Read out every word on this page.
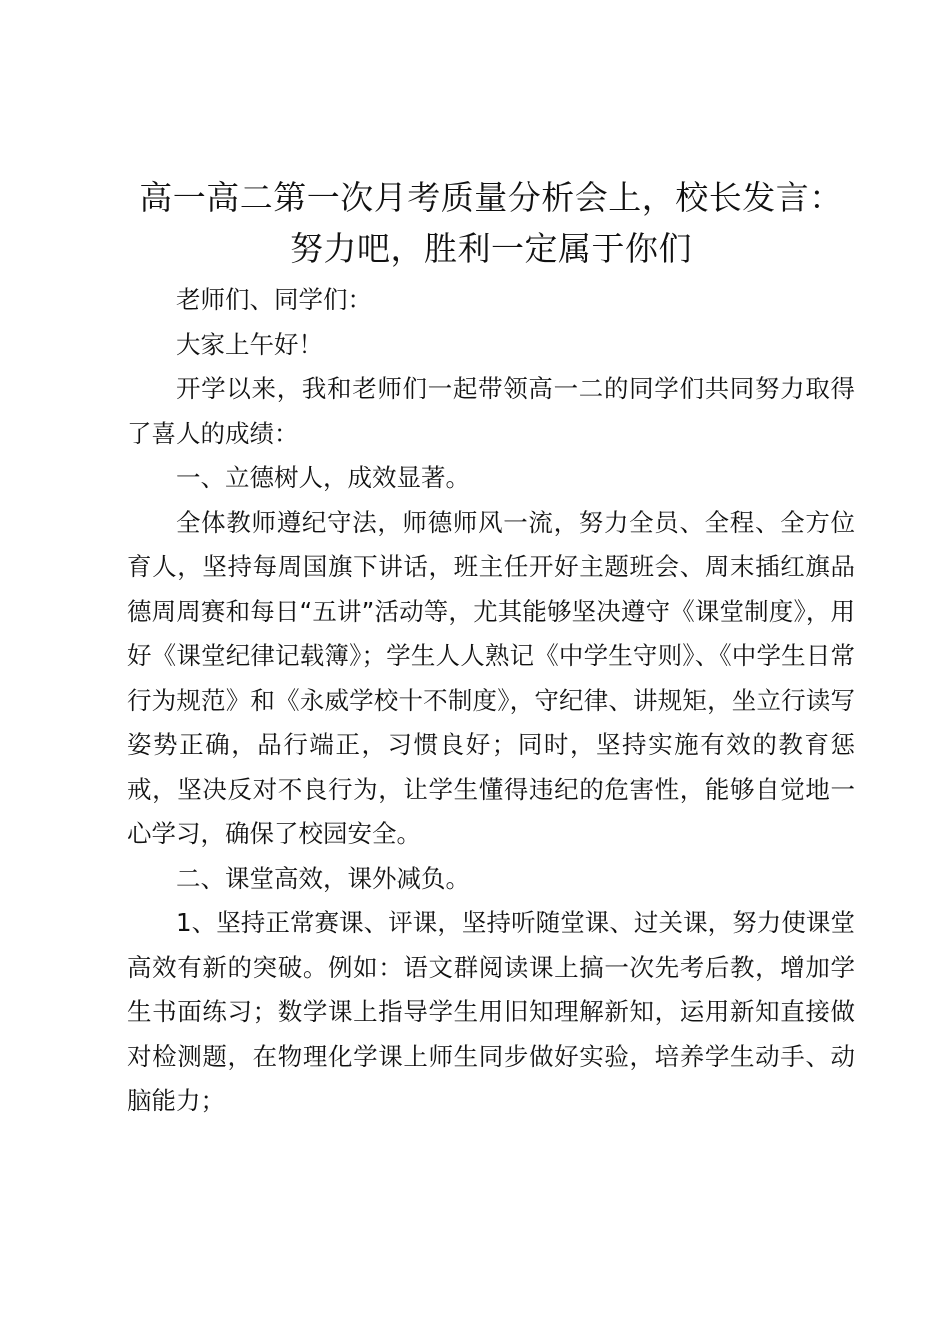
高一高二第一次月考质量分析会上，校长发言：
努力吧，胜利一定属于你们

老师们、同学们：

大家上午好！

开学以来，我和老师们一起带领高一二的同学们共同努力取得了喜人的成绩：

一、立德树人，成效显著。

全体教师遵纪守法，师德师风一流，努力全员、全程、全方位育人，坚持每周国旗下讲话，班主任开好主题班会、周末插红旗品德周周赛和每日“五讲”活动等，尤其能够坚决遵守《课堂制度》，用好《课堂纪律记载簿》；学生人人熟记《中学生守则》、《中学生日常行为规范》和《永威学校十不制度》，守纪律、讲规矩，坐立行读写姿势正确，品行端正，习惯良好；同时，坚持实施有效的教育惩戒，坚决反对不良行为，让学生懂得违纪的危害性，能够自觉地一心学习，确保了校园安全。

二、课堂高效，课外减负。

1、坚持正常赛课、评课，坚持听随堂课、过关课，努力使课堂高效有新的突破。例如：语文群阅读课上搞一次先考后教，增加学生书面练习；数学课上指导学生用旧知理解新知，运用新知直接做对检测题，在物理化学课上师生同步做好实验，培养学生动手、动脑能力；
